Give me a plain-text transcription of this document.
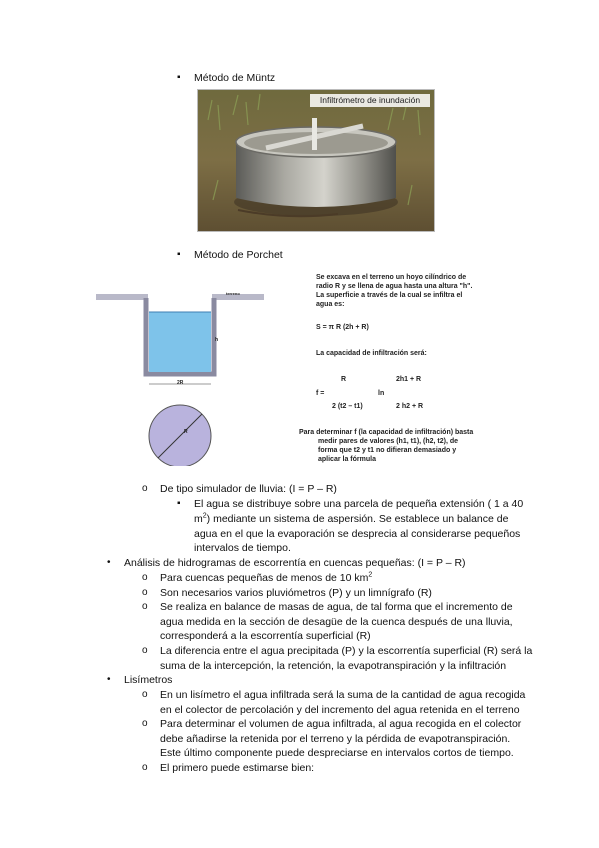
▪ Método de Müntz
Infiltrómetro de inundación
▪ Método de Porchet
terreno
h
2R
R
Se excava en el terreno un hoyo cilíndrico de
radio R y se llena de agua hasta una altura "h".
La superficie a través de la cual se infiltra el
agua es:
S = π R (2h + R)
La capacidad de infiltración será:
R	2h1 + R
f =	ln
2 (t2 – t1)	2 h2 + R
Para determinar f (la capacidad de infiltración) basta
medir pares de valores (h1, t1), (h2, t2), de
forma que t2 y t1 no difieran demasiado y
aplicar la fórmula
o De tipo simulador de lluvia: (I = P – R)
▪ El agua se distribuye sobre una parcela de pequeña extensión ( 1 a 40
$m^2$) mediante un sistema de aspersión. Se establece un balance de
agua en el que la evaporación se desprecia al considerarse pequeños
intervalos de tiempo.
• Análisis de hidrogramas de escorrentía en cuencas pequeñas: (I = P – R)
o Para cuencas pequeñas de menos de 10 $km^2$
o Son necesarios varios pluviómetros (P) y un limnígrafo (R)
o Se realiza en balance de masas de agua, de tal forma que el incremento de
agua medida en la sección de desagüe de la cuenca después de una lluvia,
corresponderá a la escorrentía superficial (R)
o La diferencia entre el agua precipitada (P) y la escorrentía superficial (R) será la
suma de la intercepción, la retención, la evapotranspiración y la infiltración
• Lisímetros
o En un lisímetro el agua infiltrada será la suma de la cantidad de agua recogida
en el colector de percolación y del incremento del agua retenida en el terreno
o Para determinar el volumen de agua infiltrada, al agua recogida en el colector
debe añadirse la retenida por el terreno y la pérdida de evapotranspiración.
Este último componente puede despreciarse en intervalos cortos de tiempo.
o El primero puede estimarse bien:
